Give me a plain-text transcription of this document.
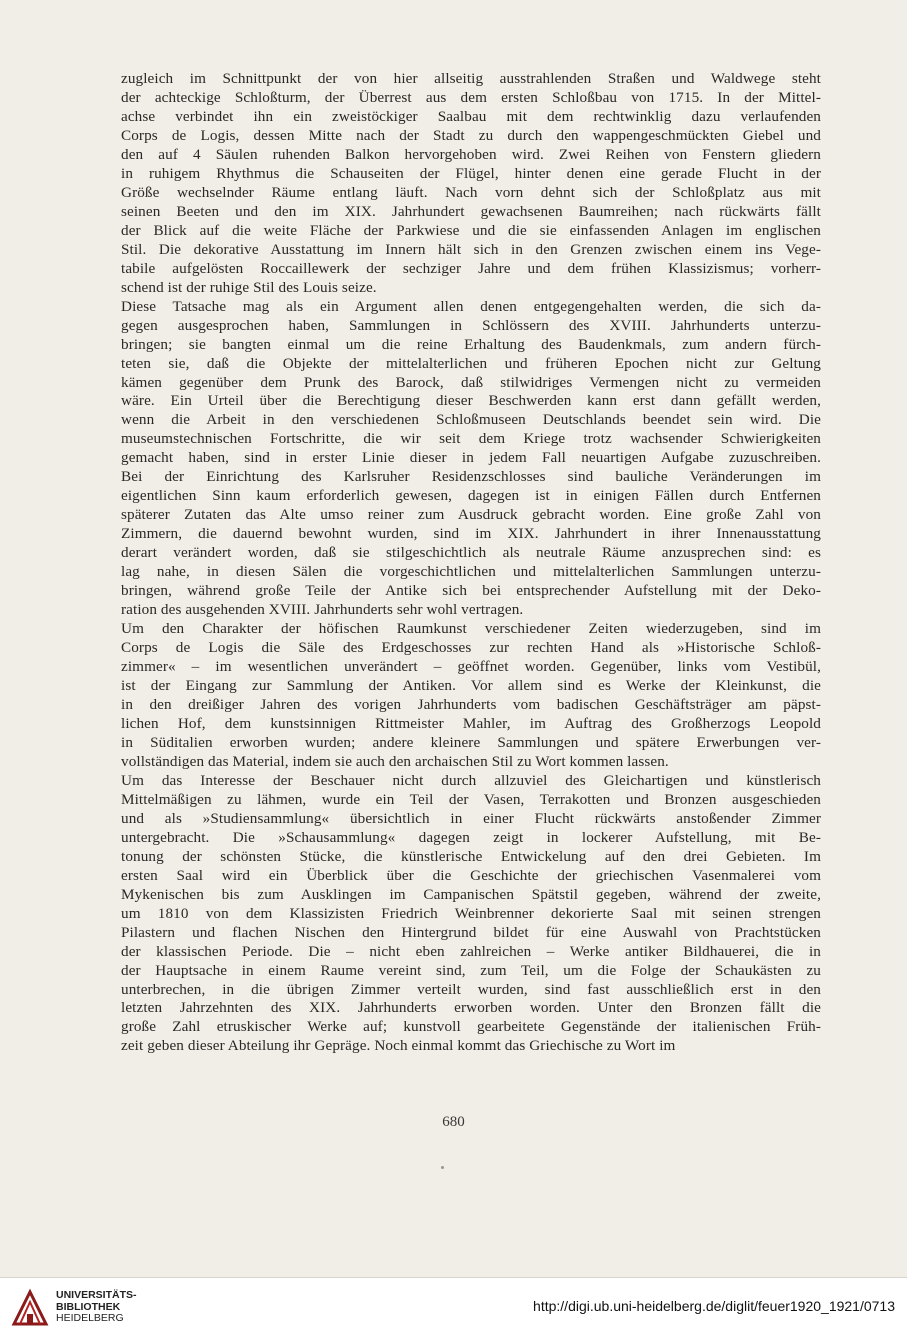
zugleich im Schnittpunkt der von hier allseitig ausstrahlenden Straßen und Waldwege steht
der achteckige Schloßturm, der Überrest aus dem ersten Schloßbau von 1715. In der Mittel-
achse verbindet ihn ein zweistöckiger Saalbau mit dem rechtwinklig dazu verlaufenden
Corps de Logis, dessen Mitte nach der Stadt zu durch den wappengeschmückten Giebel und
den auf 4 Säulen ruhenden Balkon hervorgehoben wird. Zwei Reihen von Fenstern gliedern
in ruhigem Rhythmus die Schauseiten der Flügel, hinter denen eine gerade Flucht in der
Größe wechselnder Räume entlang läuft. Nach vorn dehnt sich der Schloßplatz aus mit
seinen Beeten und den im XIX. Jahrhundert gewachsenen Baumreihen; nach rückwärts fällt
der Blick auf die weite Fläche der Parkwiese und die sie einfassenden Anlagen im englischen
Stil. Die dekorative Ausstattung im Innern hält sich in den Grenzen zwischen einem ins Vege-
tabile aufgelösten Roccaillewerk der sechziger Jahre und dem frühen Klassizismus; vorherr-
schend ist der ruhige Stil des Louis seize.
Diese Tatsache mag als ein Argument allen denen entgegengehalten werden, die sich da-
gegen ausgesprochen haben, Sammlungen in Schlössern des XVIII. Jahrhunderts unterzu-
bringen; sie bangten einmal um die reine Erhaltung des Baudenkmals, zum andern fürch-
teten sie, daß die Objekte der mittelalterlichen und früheren Epochen nicht zur Geltung
kämen gegenüber dem Prunk des Barock, daß stilwidriges Vermengen nicht zu vermeiden
wäre. Ein Urteil über die Berechtigung dieser Beschwerden kann erst dann gefällt werden,
wenn die Arbeit in den verschiedenen Schloßmuseen Deutschlands beendet sein wird. Die
museumstechnischen Fortschritte, die wir seit dem Kriege trotz wachsender Schwierigkeiten
gemacht haben, sind in erster Linie dieser in jedem Fall neuartigen Aufgabe zuzuschreiben.
Bei der Einrichtung des Karlsruher Residenzschlosses sind bauliche Veränderungen im
eigentlichen Sinn kaum erforderlich gewesen, dagegen ist in einigen Fällen durch Entfernen
späterer Zutaten das Alte umso reiner zum Ausdruck gebracht worden. Eine große Zahl von
Zimmern, die dauernd bewohnt wurden, sind im XIX. Jahrhundert in ihrer Innenausstattung
derart verändert worden, daß sie stilgeschichtlich als neutrale Räume anzusprechen sind: es
lag nahe, in diesen Sälen die vorgeschichtlichen und mittelalterlichen Sammlungen unterzu-
bringen, während große Teile der Antike sich bei entsprechender Aufstellung mit der Deko-
ration des ausgehenden XVIII. Jahrhunderts sehr wohl vertragen.
Um den Charakter der höfischen Raumkunst verschiedener Zeiten wiederzugeben, sind im
Corps de Logis die Säle des Erdgeschosses zur rechten Hand als »Historische Schloß-
zimmer« – im wesentlichen unverändert – geöffnet worden. Gegenüber, links vom Vestibül,
ist der Eingang zur Sammlung der Antiken. Vor allem sind es Werke der Kleinkunst, die
in den dreißiger Jahren des vorigen Jahrhunderts vom badischen Geschäftsträger am päpst-
lichen Hof, dem kunstsinnigen Rittmeister Mahler, im Auftrag des Großherzogs Leopold
in Süditalien erworben wurden; andere kleinere Sammlungen und spätere Erwerbungen ver-
vollständigen das Material, indem sie auch den archaischen Stil zu Wort kommen lassen.
Um das Interesse der Beschauer nicht durch allzuviel des Gleichartigen und künstlerisch
Mittelmäßigen zu lähmen, wurde ein Teil der Vasen, Terrakotten und Bronzen ausgeschieden
und als »Studiensammlung« übersichtlich in einer Flucht rückwärts anstoßender Zimmer
untergebracht. Die »Schausammlung« dagegen zeigt in lockerer Aufstellung, mit Be-
tonung der schönsten Stücke, die künstlerische Entwickelung auf den drei Gebieten. Im
ersten Saal wird ein Überblick über die Geschichte der griechischen Vasenmalerei vom
Mykenischen bis zum Ausklingen im Campanischen Spätstil gegeben, während der zweite,
um 1810 von dem Klassizisten Friedrich Weinbrenner dekorierte Saal mit seinen strengen
Pilastern und flachen Nischen den Hintergrund bildet für eine Auswahl von Prachtstücken
der klassischen Periode. Die – nicht eben zahlreichen – Werke antiker Bildhauerei, die in
der Hauptsache in einem Raume vereint sind, zum Teil, um die Folge der Schaukästen zu
unterbrechen, in die übrigen Zimmer verteilt wurden, sind fast ausschließlich erst in den
letzten Jahrzehnten des XIX. Jahrhunderts erworben worden. Unter den Bronzen fällt die
große Zahl etruskischer Werke auf; kunstvoll gearbeitete Gegenstände der italienischen Früh-
zeit geben dieser Abteilung ihr Gepräge. Noch einmal kommt das Griechische zu Wort im
680
UNIVERSITÄTS-
BIBLIOTHEK
HEIDELBERG
http://digi.ub.uni-heidelberg.de/diglit/feuer1920_1921/0713
